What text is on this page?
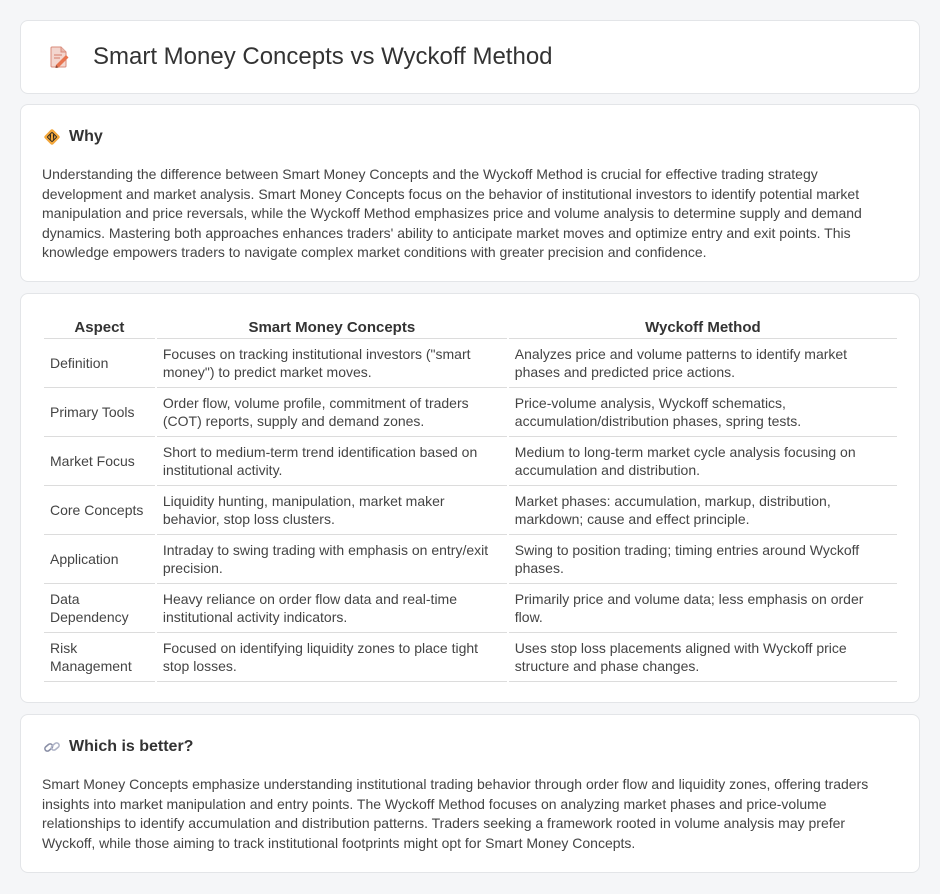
Smart Money Concepts vs Wyckoff Method
!! Why

Understanding the difference between Smart Money Concepts and the Wyckoff Method is crucial for effective trading strategy development and market analysis. Smart Money Concepts focus on the behavior of institutional investors to identify potential market manipulation and price reversals, while the Wyckoff Method emphasizes price and volume analysis to determine supply and demand dynamics. Mastering both approaches enhances traders' ability to anticipate market moves and optimize entry and exit points. This knowledge empowers traders to navigate complex market conditions with greater precision and confidence.

Aspect	Smart Money Concepts	Wyckoff Method
Definition	Focuses on tracking institutional investors ("smart money") to predict market moves.	Analyzes price and volume patterns to identify market phases and predicted price actions.
Primary Tools	Order flow, volume profile, commitment of traders (COT) reports, supply and demand zones.	Price-volume analysis, Wyckoff schematics, accumulation/distribution phases, spring tests.
Market Focus	Short to medium-term trend identification based on institutional activity.	Medium to long-term market cycle analysis focusing on accumulation and distribution.
Core Concepts	Liquidity hunting, manipulation, market maker behavior, stop loss clusters.	Market phases: accumulation, markup, distribution, markdown; cause and effect principle.
Application	Intraday to swing trading with emphasis on entry/exit precision.	Swing to position trading; timing entries around Wyckoff phases.
Data Dependency	Heavy reliance on order flow data and real-time institutional activity indicators.	Primarily price and volume data; less emphasis on order flow.
Risk Management	Focused on identifying liquidity zones to place tight stop losses.	Uses stop loss placements aligned with Wyckoff price structure and phase changes.
Which is better?

Smart Money Concepts emphasize understanding institutional trading behavior through order flow and liquidity zones, offering traders insights into market manipulation and entry points. The Wyckoff Method focuses on analyzing market phases and price-volume relationships to identify accumulation and distribution patterns. Traders seeking a framework rooted in volume analysis may prefer Wyckoff, while those aiming to track institutional footprints might opt for Smart Money Concepts.
